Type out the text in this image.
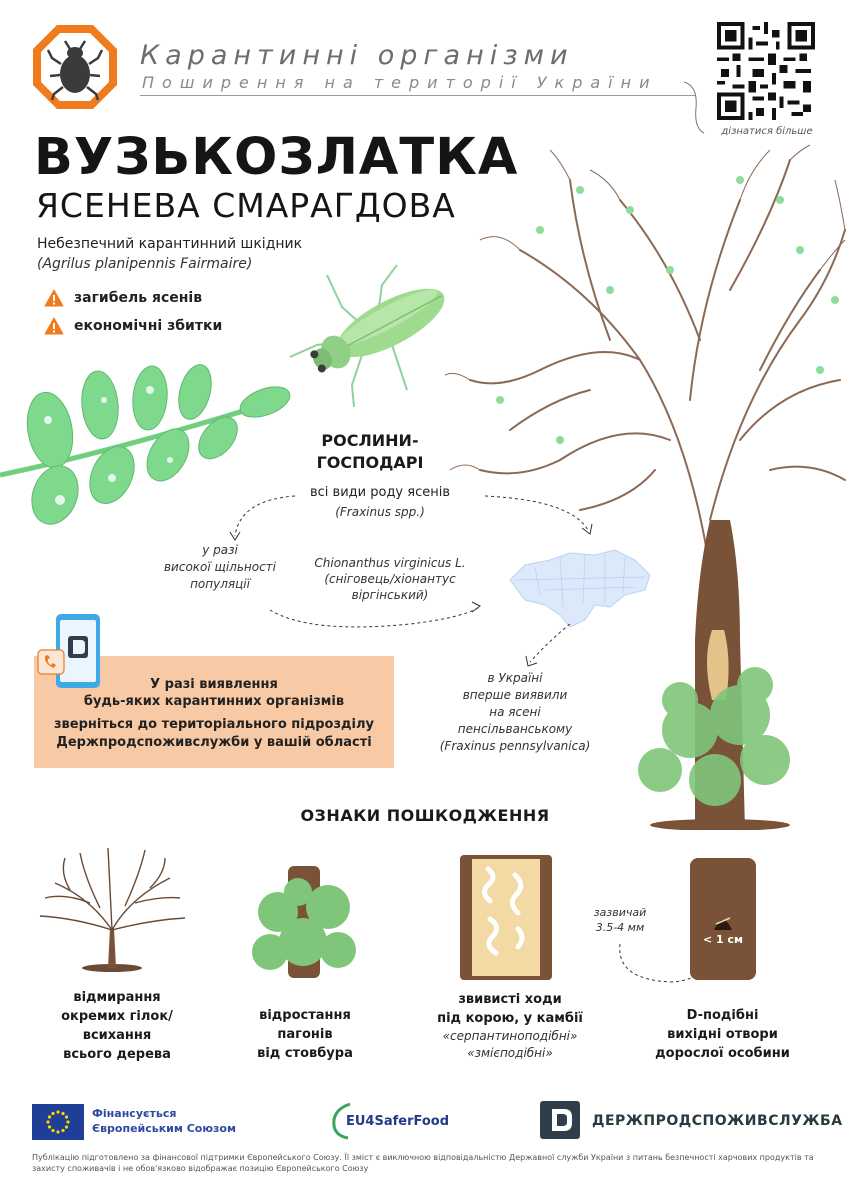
Карантинні організми
Поширення на території України
дізнатися більше
ВУЗЬКОЗЛАТКА
ЯСЕНЕВА СМАРАГДОВА
Небезпечний карантинний шкідник
(Agrilus planipennis Fairmaire)
загибель ясенів
економічні збитки
РОСЛИНИ-
ГОСПОДАРІ
всі види роду ясенів
(Fraxinus spp.)
у разі
високої щільності
популяції
Chionanthus virginicus L.
(сніговець/хіонантус
віргінський)
в Україні
вперше виявили
на ясені
пенсільванському
(Fraxinus pennsylvanica)
У разі виявлення
будь-яких карантинних організмів
зверніться до територіального підрозділу
Держпродспоживслужби у вашій області
ОЗНАКИ ПОШКОДЖЕННЯ
відмирання
окремих гілок/
всихання
всього дерева
відростання
пагонів
від стовбура
звивисті ходи
під корою, у камбії
«серпантиноподібні»
«змієподібні»
зазвичай
3.5-4 мм
< 1 см
D-подібні
вихідні отвори
дорослої особини
Фінансується
Європейським Союзом	EU4SaferFood	ДЕРЖПРОДСПОЖИВСЛУЖБА
Публікацію підготовлено за фінансової підтримки Європейського Союзу. Її зміст є виключною відповідальністю Державної служби України з питань безпечності харчових продуктів та захисту споживачів і не обов'язково відображає позицію Європейського Союзу
